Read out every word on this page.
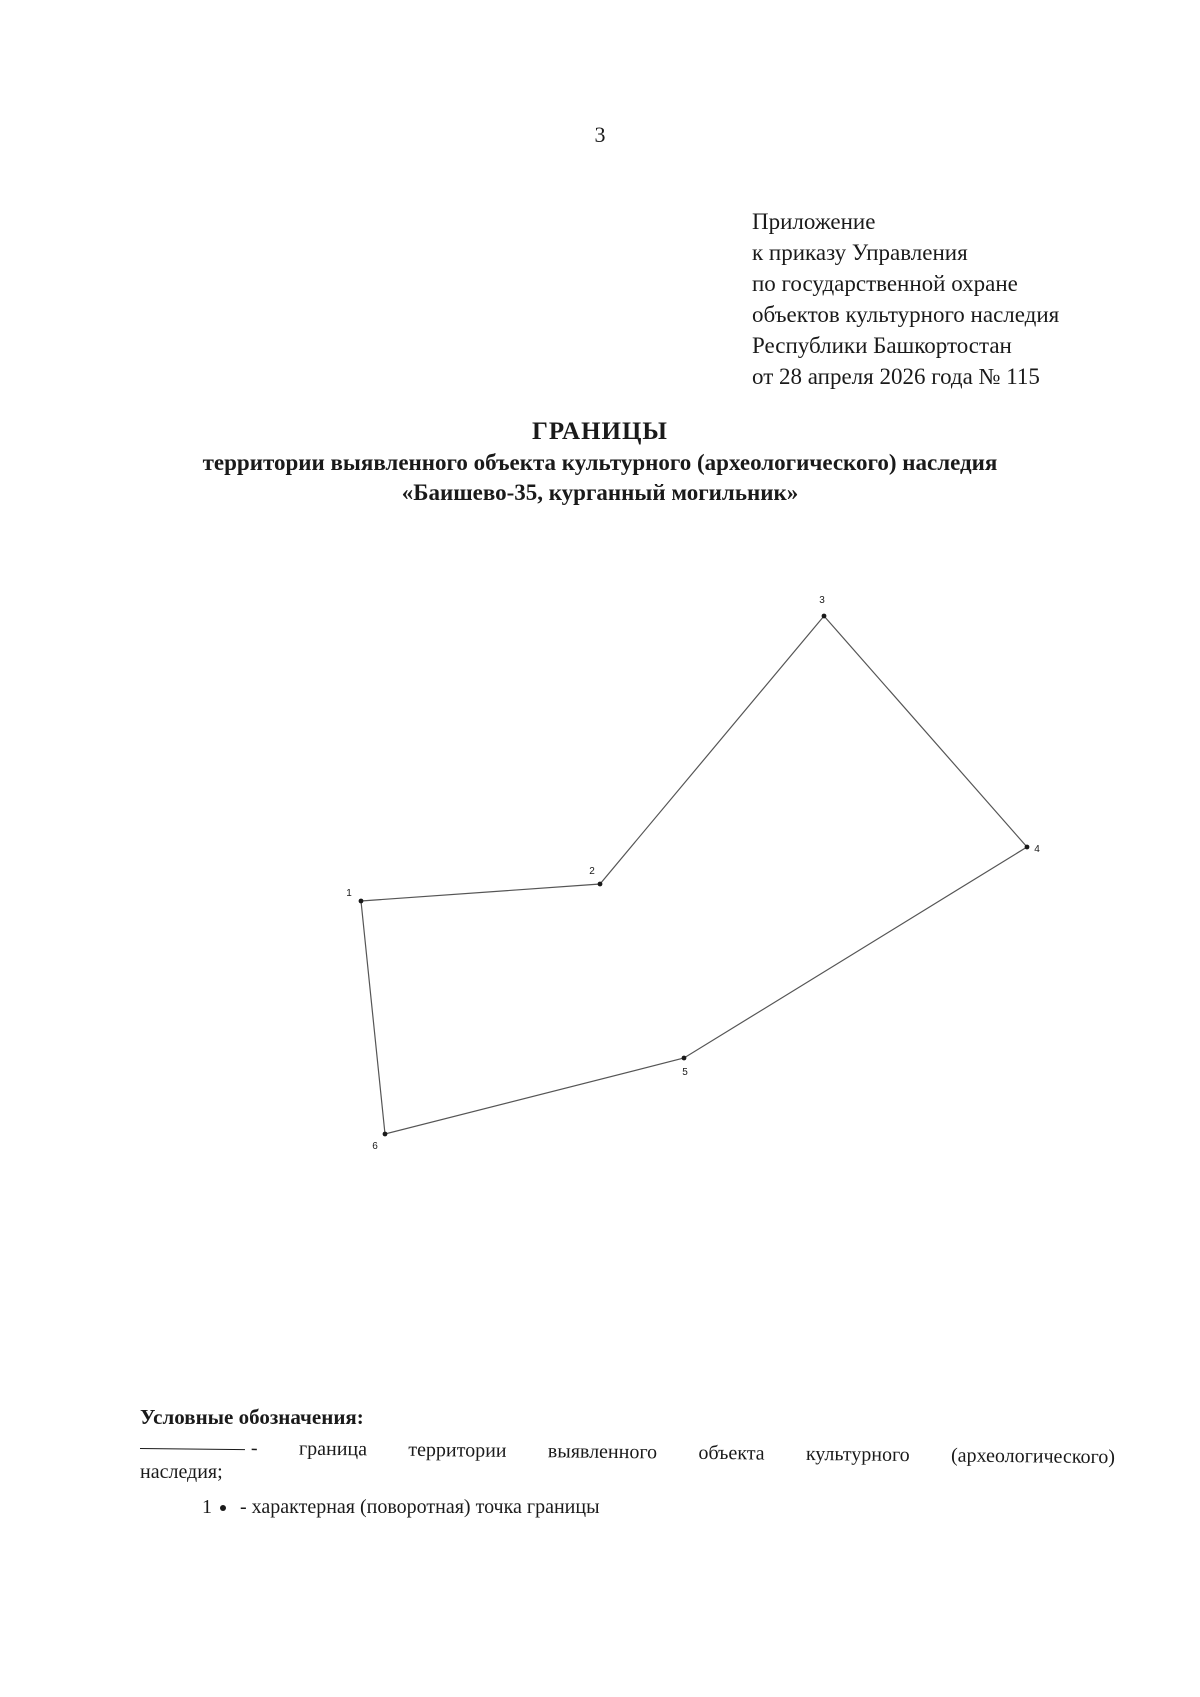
3
Приложение
к приказу Управления
по государственной охране
объектов культурного наследия
Республики Башкортостан
от 28 апреля 2026 года № 115
ГРАНИЦЫ
территории выявленного объекта культурного (археологического) наследия
«Баишево-35, курганный могильник»
1
2
3
4
5
6
Условные обозначения:
- граница территории выявленного объекта культурного (археологического)
наследия;
1	- характерная (поворотная) точка границы
